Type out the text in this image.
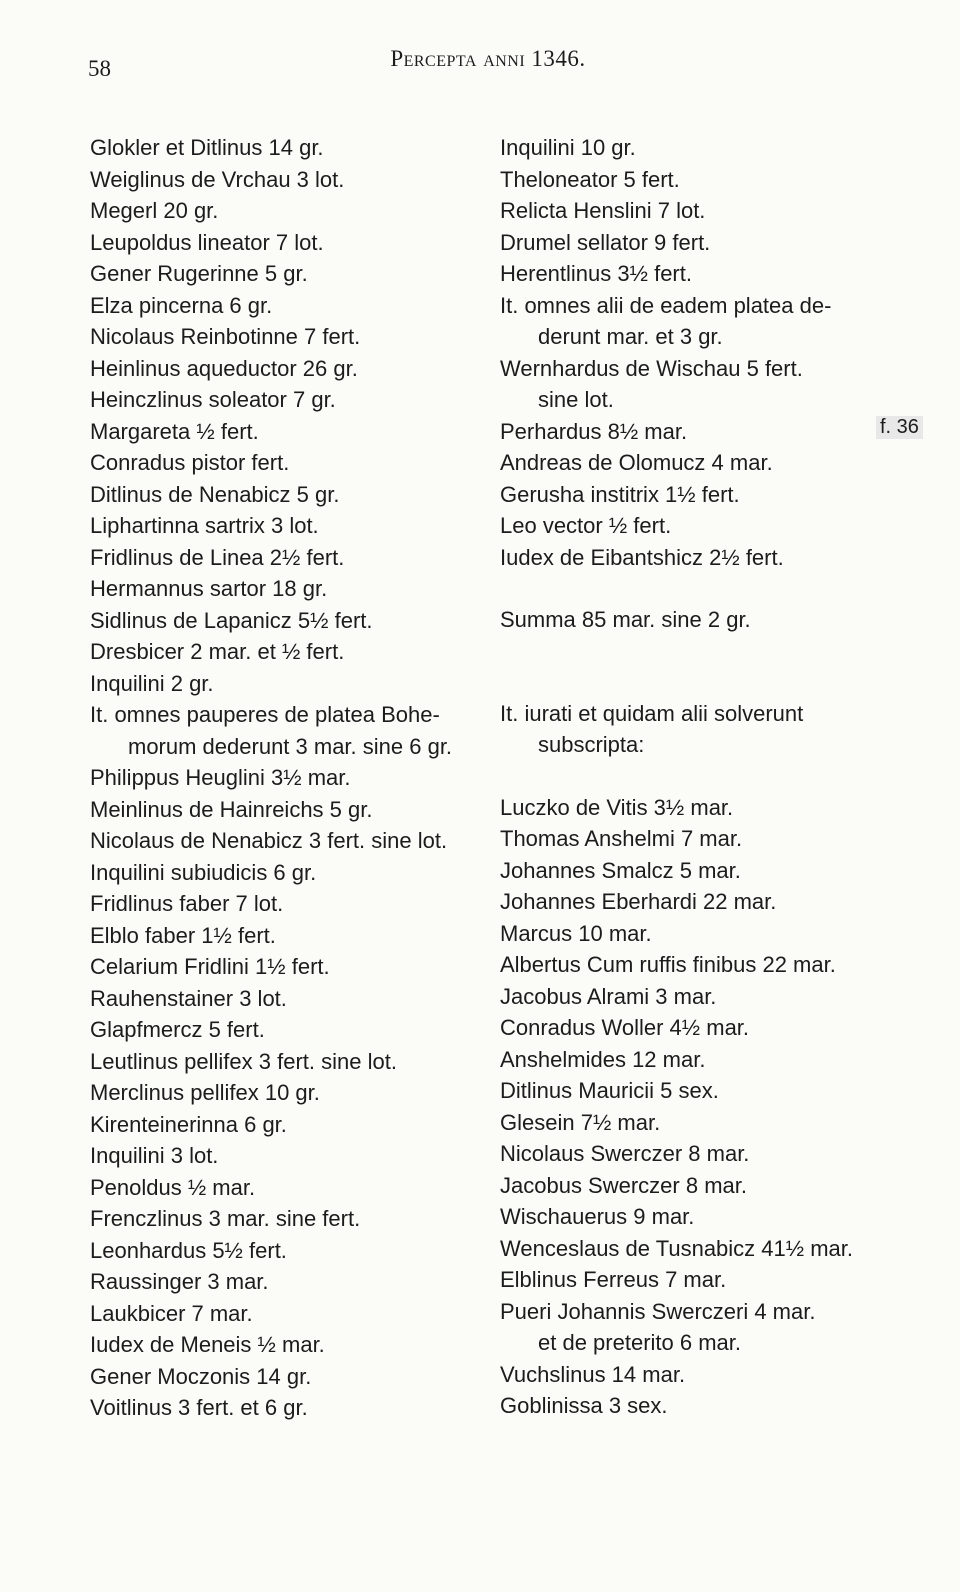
58	Percepta anni 1346.
Glokler et Ditlinus 14 gr.
Weiglinus de Vrchau 3 lot.
Megerl 20 gr.
Leupoldus lineator 7 lot.
Gener Rugerinne 5 gr.
Elza pincerna 6 gr.
Nicolaus Reinbotinne 7 fert.
Heinlinus aqueductor 26 gr.
Heinczlinus soleator 7 gr.
Margareta ½ fert.
Conradus pistor fert.
Ditlinus de Nenabicz 5 gr.
Liphartinna sartrix 3 lot.
Fridlinus de Linea 2½ fert.
Hermannus sartor 18 gr.
Sidlinus de Lapanicz 5½ fert.
Dresbicer 2 mar. et ½ fert.
Inquilini 2 gr.
It. omnes pauperes de platea Bohe-
morum dederunt 3 mar. sine 6 gr.
Philippus Heuglini 3½ mar.
Meinlinus de Hainreichs 5 gr.
Nicolaus de Nenabicz 3 fert. sine lot.
Inquilini subiudicis 6 gr.
Fridlinus faber 7 lot.
Elblo faber 1½ fert.
Celarium Fridlini 1½ fert.
Rauhenstainer 3 lot.
Glapfmercz 5 fert.
Leutlinus pellifex 3 fert. sine lot.
Merclinus pellifex 10 gr.
Kirenteinerinna 6 gr.
Inquilini 3 lot.
Penoldus ½ mar.
Frenczlinus 3 mar. sine fert.
Leonhardus 5½ fert.
Raussinger 3 mar.
Laukbicer 7 mar.
Iudex de Meneis ½ mar.
Gener Moczonis 14 gr.
Voitlinus 3 fert. et 6 gr.
Inquilini 10 gr.
Theloneator 5 fert.
Relicta Henslini 7 lot.
Drumel sellator 9 fert.
Herentlinus 3½ fert.
It. omnes alii de eadem platea de-
derunt mar. et 3 gr.
Wernhardus de Wischau 5 fert.
sine lot.
Perhardus 8½ mar.
Andreas de Olomucz 4 mar.
Gerusha institrix 1½ fert.
Leo vector ½ fert.
Iudex de Eibantshicz 2½ fert.
Summa 85 mar. sine 2 gr.
It. iurati et quidam alii solverunt
subscripta:
Luczko de Vitis 3½ mar.
Thomas Anshelmi 7 mar.
Johannes Smalcz 5 mar.
Johannes Eberhardi 22 mar.
Marcus 10 mar.
Albertus Cum ruffis finibus 22 mar.
Jacobus Alrami 3 mar.
Conradus Woller 4½ mar.
Anshelmides 12 mar.
Ditlinus Mauricii 5 sex.
Glesein 7½ mar.
Nicolaus Swerczer 8 mar.
Jacobus Swerczer 8 mar.
Wischauerus 9 mar.
Wenceslaus de Tusnabicz 41½ mar.
Elblinus Ferreus 7 mar.
Pueri Johannis Swerczeri 4 mar.
et de preterito 6 mar.
Vuchslinus 14 mar.
Goblinissa 3 sex.
f. 36
